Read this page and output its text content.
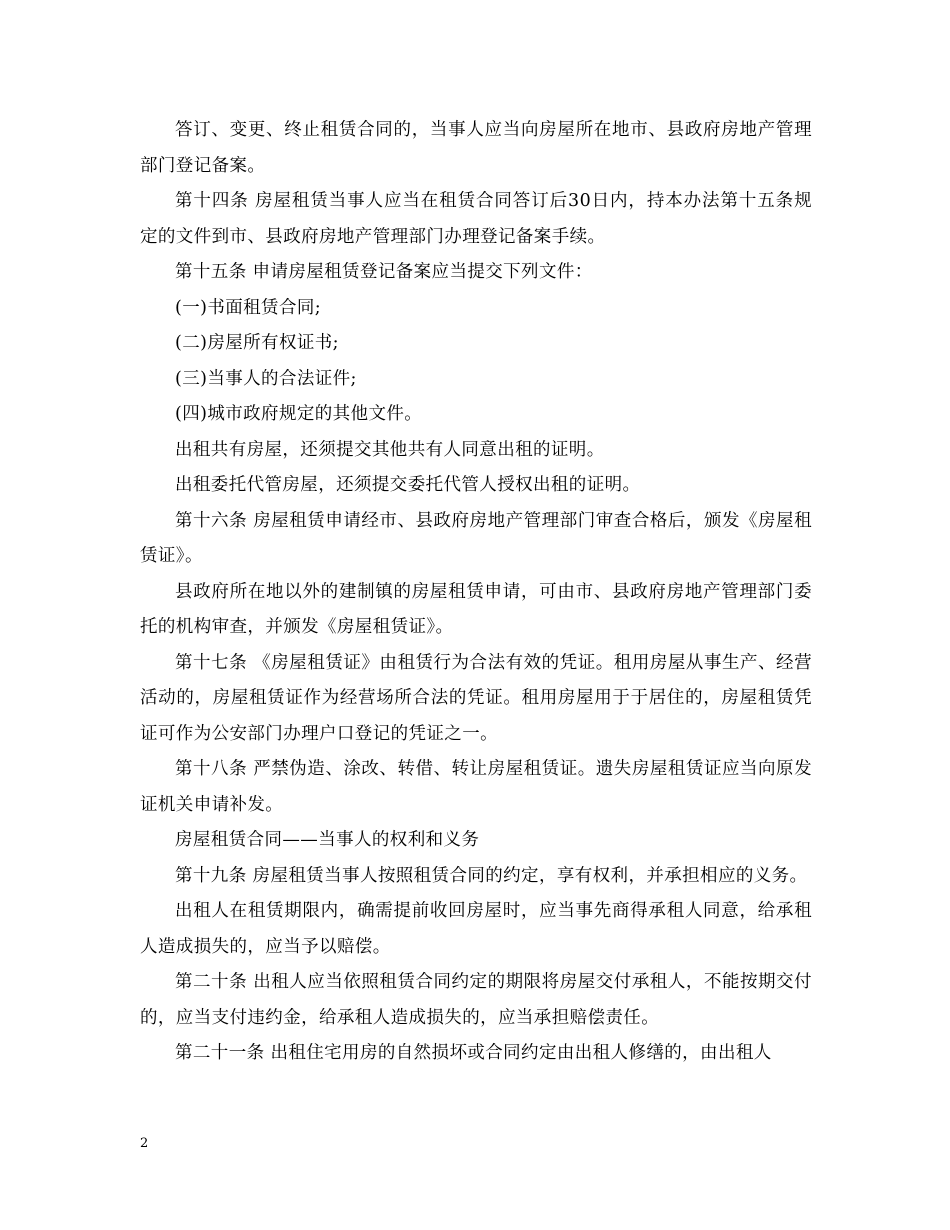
答订、变更、终止租赁合同的，当事人应当向房屋所在地市、县政府房地产管理部门登记备案。

第十四条 房屋租赁当事人应当在租赁合同答订后30日内，持本办法第十五条规定的文件到市、县政府房地产管理部门办理登记备案手续。

第十五条 申请房屋租赁登记备案应当提交下列文件：

(一)书面租赁合同;

(二)房屋所有权证书;

(三)当事人的合法证件;

(四)城市政府规定的其他文件。

出租共有房屋，还须提交其他共有人同意出租的证明。

出租委托代管房屋，还须提交委托代管人授权出租的证明。

第十六条 房屋租赁申请经市、县政府房地产管理部门审查合格后，颁发《房屋租赁证》。

县政府所在地以外的建制镇的房屋租赁申请，可由市、县政府房地产管理部门委托的机构审查，并颁发《房屋租赁证》。

第十七条 《房屋租赁证》由租赁行为合法有效的凭证。租用房屋从事生产、经营活动的，房屋租赁证作为经营场所合法的凭证。租用房屋用于于居住的，房屋租赁凭证可作为公安部门办理户口登记的凭证之一。

第十八条 严禁伪造、涂改、转借、转让房屋租赁证。遗失房屋租赁证应当向原发证机关申请补发。

房屋租赁合同——当事人的权利和义务

第十九条 房屋租赁当事人按照租赁合同的约定，享有权利，并承担相应的义务。

出租人在租赁期限内，确需提前收回房屋时，应当事先商得承租人同意，给承租人造成损失的，应当予以赔偿。

第二十条 出租人应当依照租赁合同约定的期限将房屋交付承租人，不能按期交付的，应当支付违约金，给承租人造成损失的，应当承担赔偿责任。

第二十一条 出租住宅用房的自然损坏或合同约定由出租人修缮的，由出租人

2
